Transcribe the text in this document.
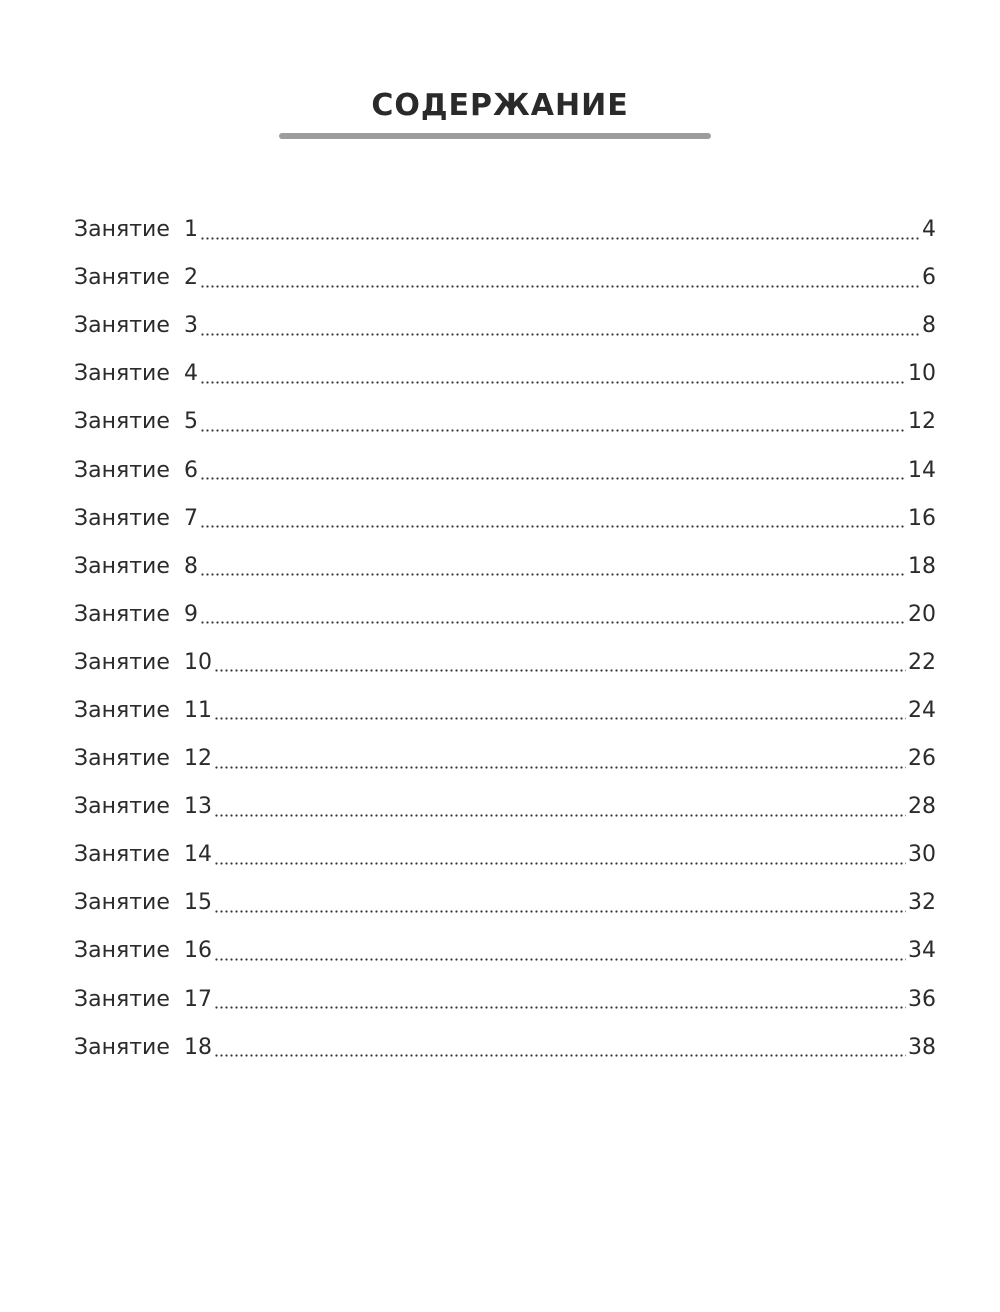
СОДЕРЖАНИЕ
Занятие 1	4
Занятие 2	6
Занятие 3	8
Занятие 4	10
Занятие 5	12
Занятие 6	14
Занятие 7	16
Занятие 8	18
Занятие 9	20
Занятие 10	22
Занятие 11	24
Занятие 12	26
Занятие 13	28
Занятие 14	30
Занятие 15	32
Занятие 16	34
Занятие 17	36
Занятие 18	38
